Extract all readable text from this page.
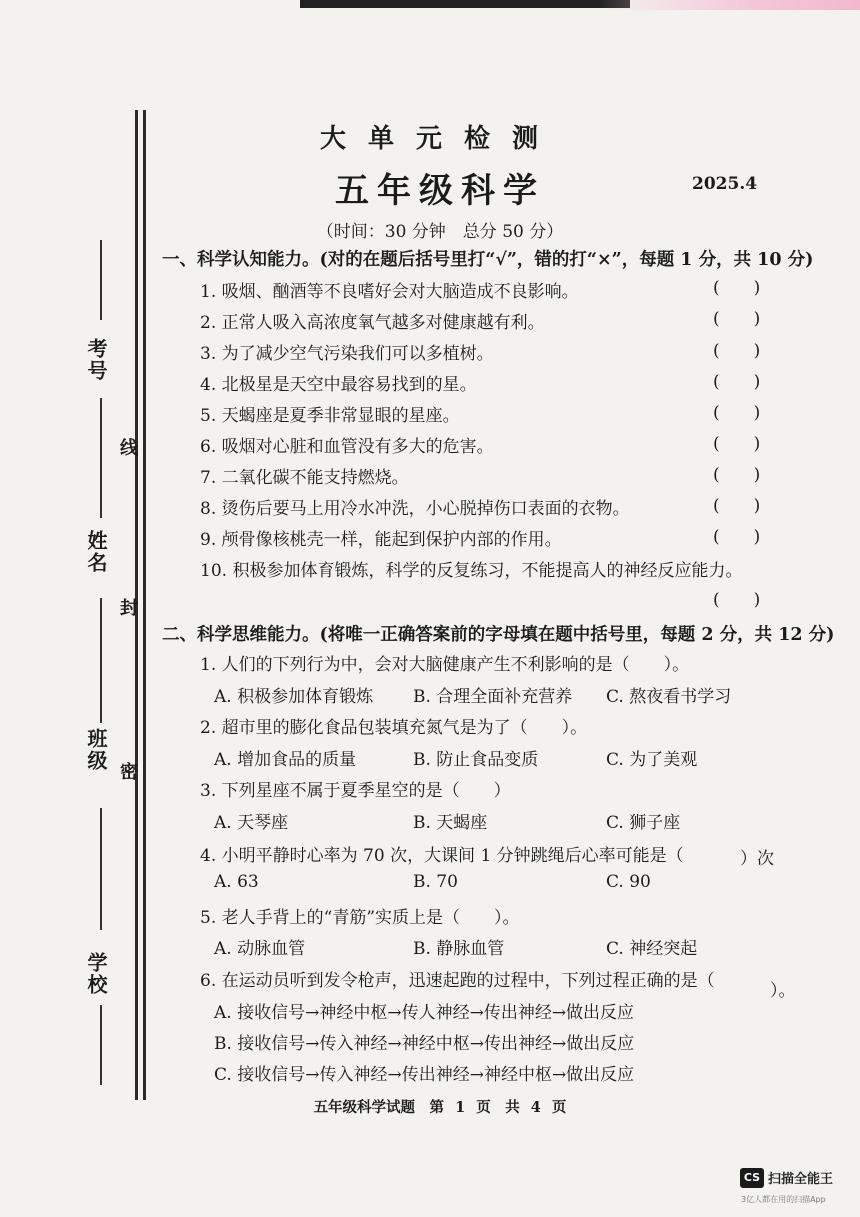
考号
姓名
班级
学校
线
封
密
大单元检测
五年级科学	2025.4
（时间：30 分钟　总分 50 分）
一、科学认知能力。(对的在题后括号里打“√”，错的打“×”，每题 1 分，共 10 分)
1. 吸烟、酗酒等不良嗜好会对大脑造成不良影响。	(　　)
2. 正常人吸入高浓度氧气越多对健康越有利。	(　　)
3. 为了减少空气污染我们可以多植树。	(　　)
4. 北极星是天空中最容易找到的星。	(　　)
5. 天蝎座是夏季非常显眼的星座。	(　　)
6. 吸烟对心脏和血管没有多大的危害。	(　　)
7. 二氧化碳不能支持燃烧。	(　　)
8. 烫伤后要马上用冷水冲洗，小心脱掉伤口表面的衣物。	(　　)
9. 颅骨像核桃壳一样，能起到保护内部的作用。	(　　)
10. 积极参加体育锻炼，科学的反复练习，不能提高人的神经反应能力。
(　　)
二、科学思维能力。(将唯一正确答案前的字母填在题中括号里，每题 2 分，共 12 分)
1. 人们的下列行为中，会对大脑健康产生不利影响的是（　　）。
A. 积极参加体育锻炼 B. 合理全面补充营养 C. 熬夜看书学习
2. 超市里的膨化食品包装填充氮气是为了（　　）。
A. 增加食品的质量	B. 防止食品变质	C. 为了美观
3. 下列星座不属于夏季星空的是（　　）
A. 天琴座	B. 天蝎座	C. 狮子座
4. 小明平静时心率为 70 次，大课间 1 分钟跳绳后心率可能是（	）次
A. 63	B. 70	C. 90
5. 老人手背上的“青筋”实质上是（　　）。
A. 动脉血管	B. 静脉血管	C. 神经突起
6. 在运动员听到发令枪声，迅速起跑的过程中，下列过程正确的是（	）。
A. 接收信号→神经中枢→传人神经→传出神经→做出反应
B. 接收信号→传入神经→神经中枢→传出神经→做出反应
C. 接收信号→传入神经→传出神经→神经中枢→做出反应
五年级科学试题　第 1 页　共 4 页
CS 扫描全能王
3亿人都在用的扫描App
